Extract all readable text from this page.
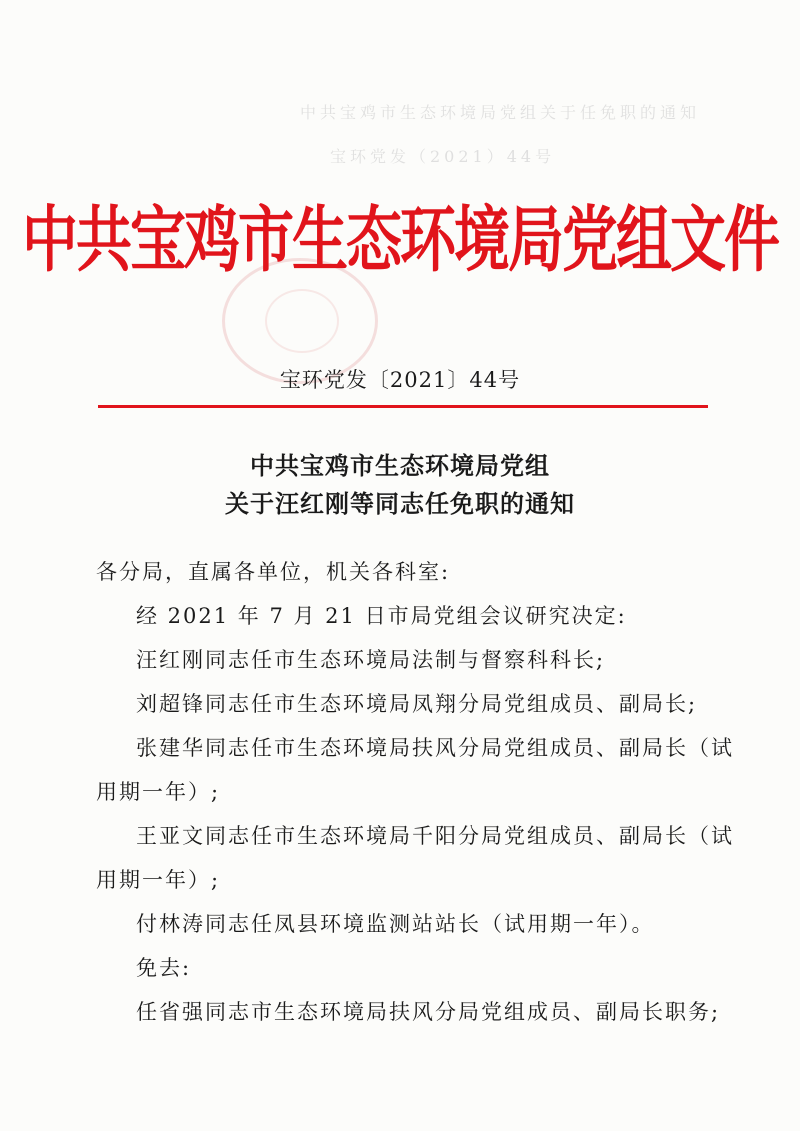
中共宝鸡市生态环境局党组关于任免职的通知
宝环党发（2021）44号
中共宝鸡市生态环境局党组文件
宝环党发〔2021〕44号
中共宝鸡市生态环境局党组
关于汪红刚等同志任免职的通知
各分局，直属各单位，机关各科室:
经 2021 年 7 月 21 日市局党组会议研究决定:
汪红刚同志任市生态环境局法制与督察科科长;
刘超锋同志任市生态环境局凤翔分局党组成员、副局长;
张建华同志任市生态环境局扶风分局党组成员、副局长（试
用期一年）;
王亚文同志任市生态环境局千阳分局党组成员、副局长（试
用期一年）;
付林涛同志任凤县环境监测站站长（试用期一年）。
免去:
任省强同志市生态环境局扶风分局党组成员、副局长职务;
